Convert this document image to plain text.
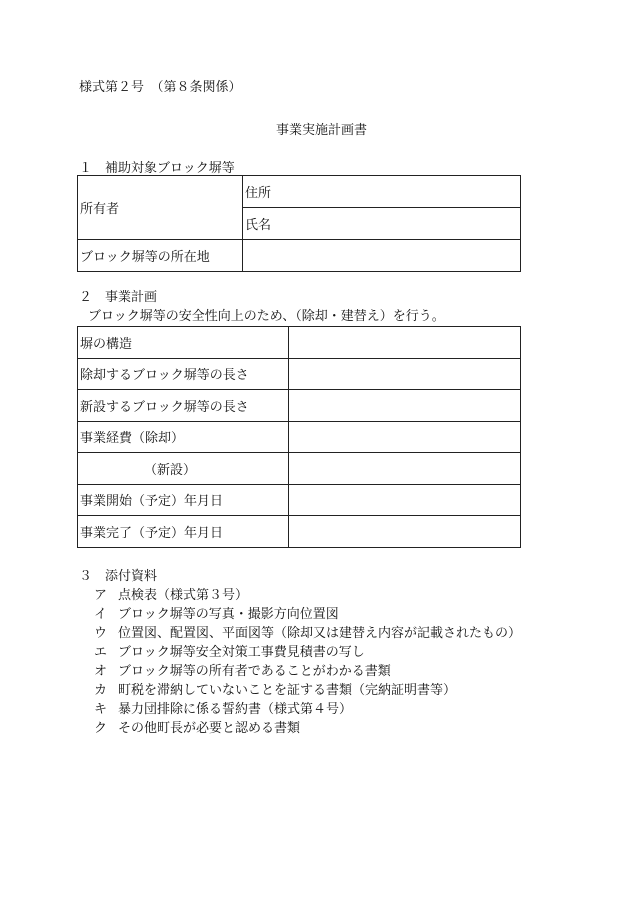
様式第２号　（第８条関係）
事業実施計画書
１　補助対象ブロック塀等
所有者	住所
	氏名
ブロック塀等の所在地	
２　事業計画
ブロック塀等の安全性向上のため、（除却・建替え）を行う。
塀の構造	
除却するブロック塀等の長さ	
新設するブロック塀等の長さ	
事業経費（除却）	
（新設）	
事業開始（予定）年月日	
事業完了（予定）年月日	
３　添付資料
ア 点検表（様式第３号）
イ ブロック塀等の写真・撮影方向位置図
ウ 位置図、配置図、平面図等（除却又は建替え内容が記載されたもの）
エ ブロック塀等安全対策工事費見積書の写し
オ ブロック塀等の所有者であることがわかる書類
カ 町税を滞納していないことを証する書類（完納証明書等）
キ 暴力団排除に係る誓約書（様式第４号）
ク その他町長が必要と認める書類
